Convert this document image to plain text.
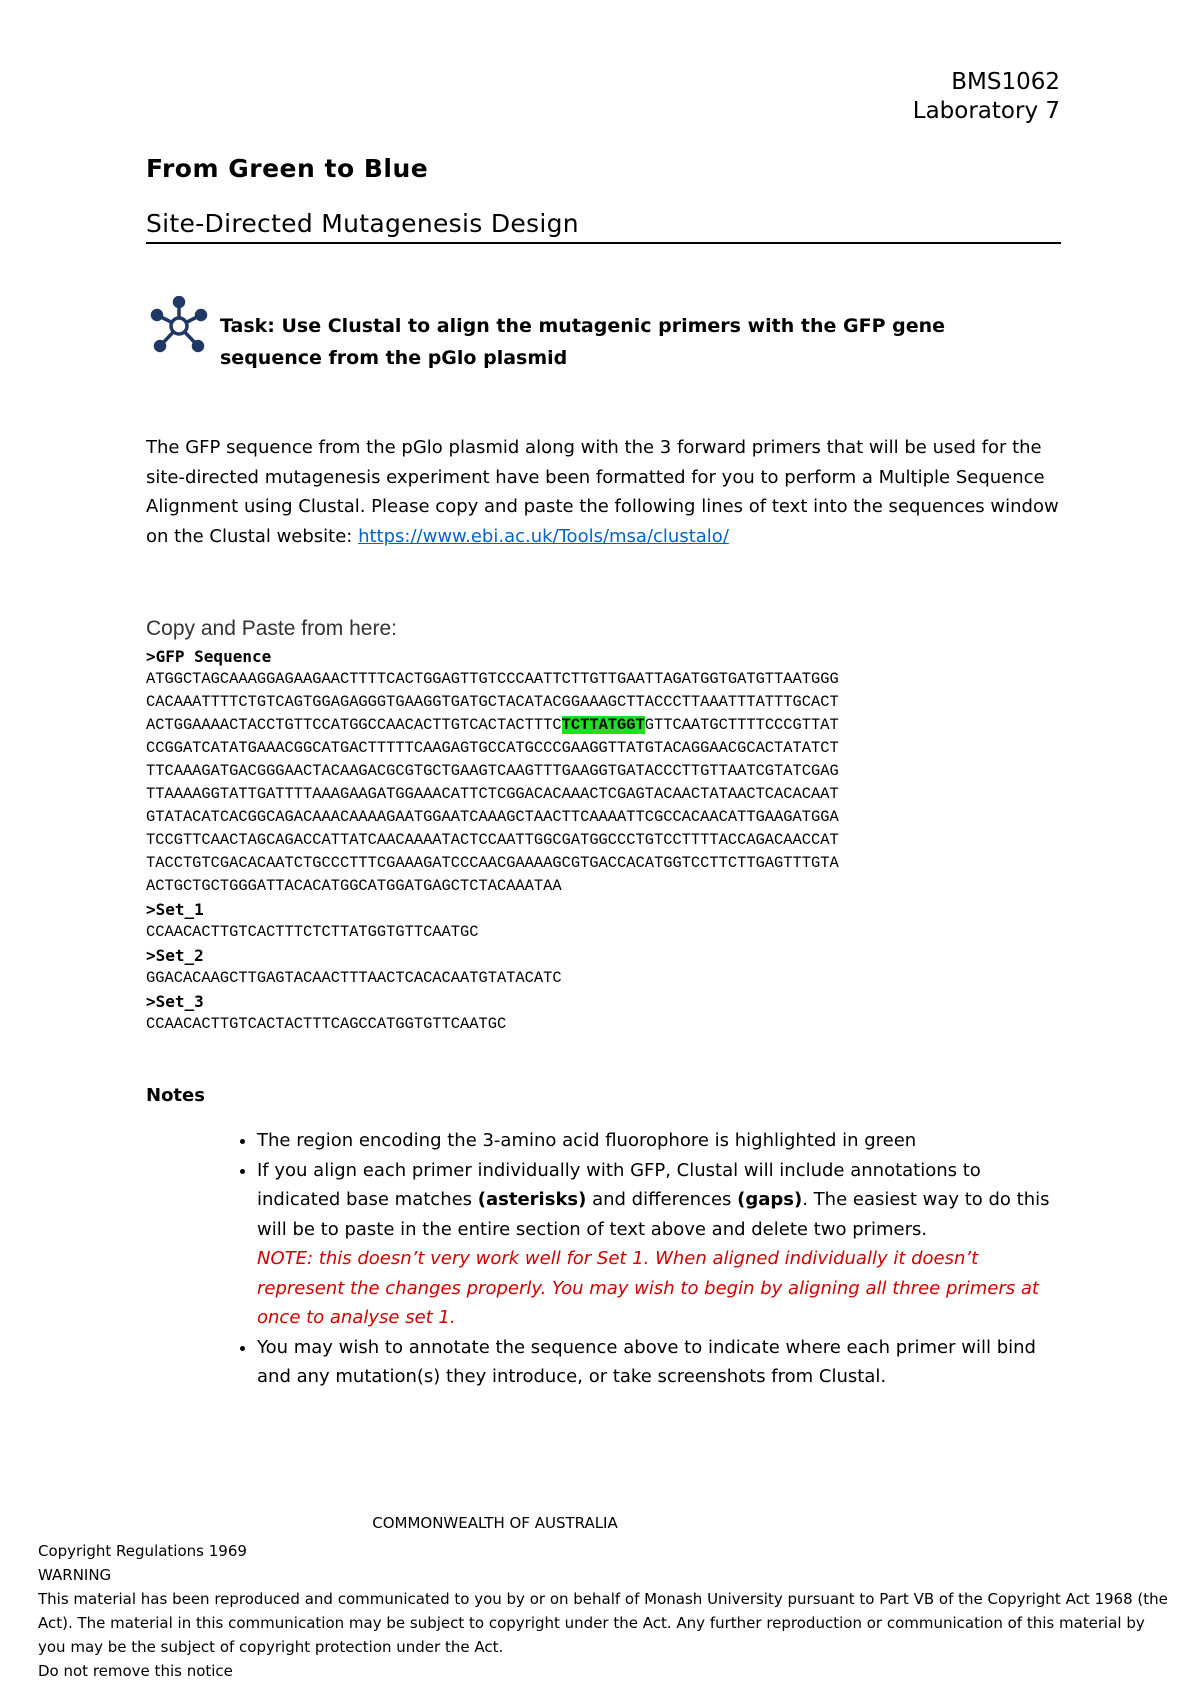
BMS1062
Laboratory 7
From Green to Blue
Site-Directed Mutagenesis Design
Task: Use Clustal to align the mutagenic primers with the GFP gene sequence from the pGlo plasmid
The GFP sequence from the pGlo plasmid along with the 3 forward primers that will be used for the site-directed mutagenesis experiment have been formatted for you to perform a Multiple Sequence Alignment using Clustal. Please copy and paste the following lines of text into the sequences window on the Clustal website: https://www.ebi.ac.uk/Tools/msa/clustalo/
Copy and Paste from here:
>GFP Sequence
ATGGCTAGCAAAGGAGAAGAACTTTTCACTGGAGTTGTCCCAATTCTTGTTGAATTAGATGGTGATGTTAATGGG
CACAAATTTTCTGTCAGTGGAGAGGGTGAAGGTGATGCTACATACGGAAAGCTTACCCTTAAATTTATTTGCACT
ACTGGAAAACTACCTGTTCCATGGCCAACACTTGTCACTACTTTCTCTTATGGTGTTCAATGCTTTTCCCGTTAT
CCGGATCATATGAAACGGCATGACTTTTTCAAGAGTGCCATGCCCGAAGGTTATGTACAGGAACGCACTATATCT
TTCAAAGATGACGGGAACTACAAGACGCGTGCTGAAGTCAAGTTTGAAGGTGATACCCTTGTTAATCGTATCGAG
TTAAAAGGTATTGATTTTAAAGAAGATGGAAACATTCTCGGACACAAACTCGAGTACAACTATAACTCACACAAT
GTATACATCACGGCAGACAAACAAAAGAATGGAATCAAAGCTAACTTCAAAATTCGCCACAACATTGAAGATGGA
TCCGTTCAACTAGCAGACCATTATCAACAAAATACTCCAATTGGCGATGGCCCTGTCCTTTTACCAGACAACCAT
TACCTGTCGACACAATCTGCCCTTTCGAAAGATCCCAACGAAAAGCGTGACCACATGGTCCTTCTTGAGTTTGTA
ACTGCTGCTGGGATTACACATGGCATGGATGAGCTCTACAAATAA
>Set_1
CCAACACTTGTCACTTTCTCTTATGGTGTTCAATGC
>Set_2
GGACACAAGCTTGAGTACAACTTTAACTCACACAATGTATACATC
>Set_3
CCAACACTTGTCACTACTTTCAGCCATGGTGTTCAATGC
Notes
• The region encoding the 3-amino acid fluorophore is highlighted in green
• If you align each primer individually with GFP, Clustal will include annotations to indicated base matches (asterisks) and differences (gaps). The easiest way to do this will be to paste in the entire section of text above and delete two primers.
NOTE: this doesn’t very work well for Set 1. When aligned individually it doesn’t represent the changes properly. You may wish to begin by aligning all three primers at once to analyse set 1.
• You may wish to annotate the sequence above to indicate where each primer will bind and any mutation(s) they introduce, or take screenshots from Clustal.
COMMONWEALTH OF AUSTRALIA
Copyright Regulations 1969
WARNING
This material has been reproduced and communicated to you by or on behalf of Monash University pursuant to Part VB of the Copyright Act 1968 (the Act). The material in this communication may be subject to copyright under the Act. Any further reproduction or communication of this material by you may be the subject of copyright protection under the Act.
Do not remove this notice
